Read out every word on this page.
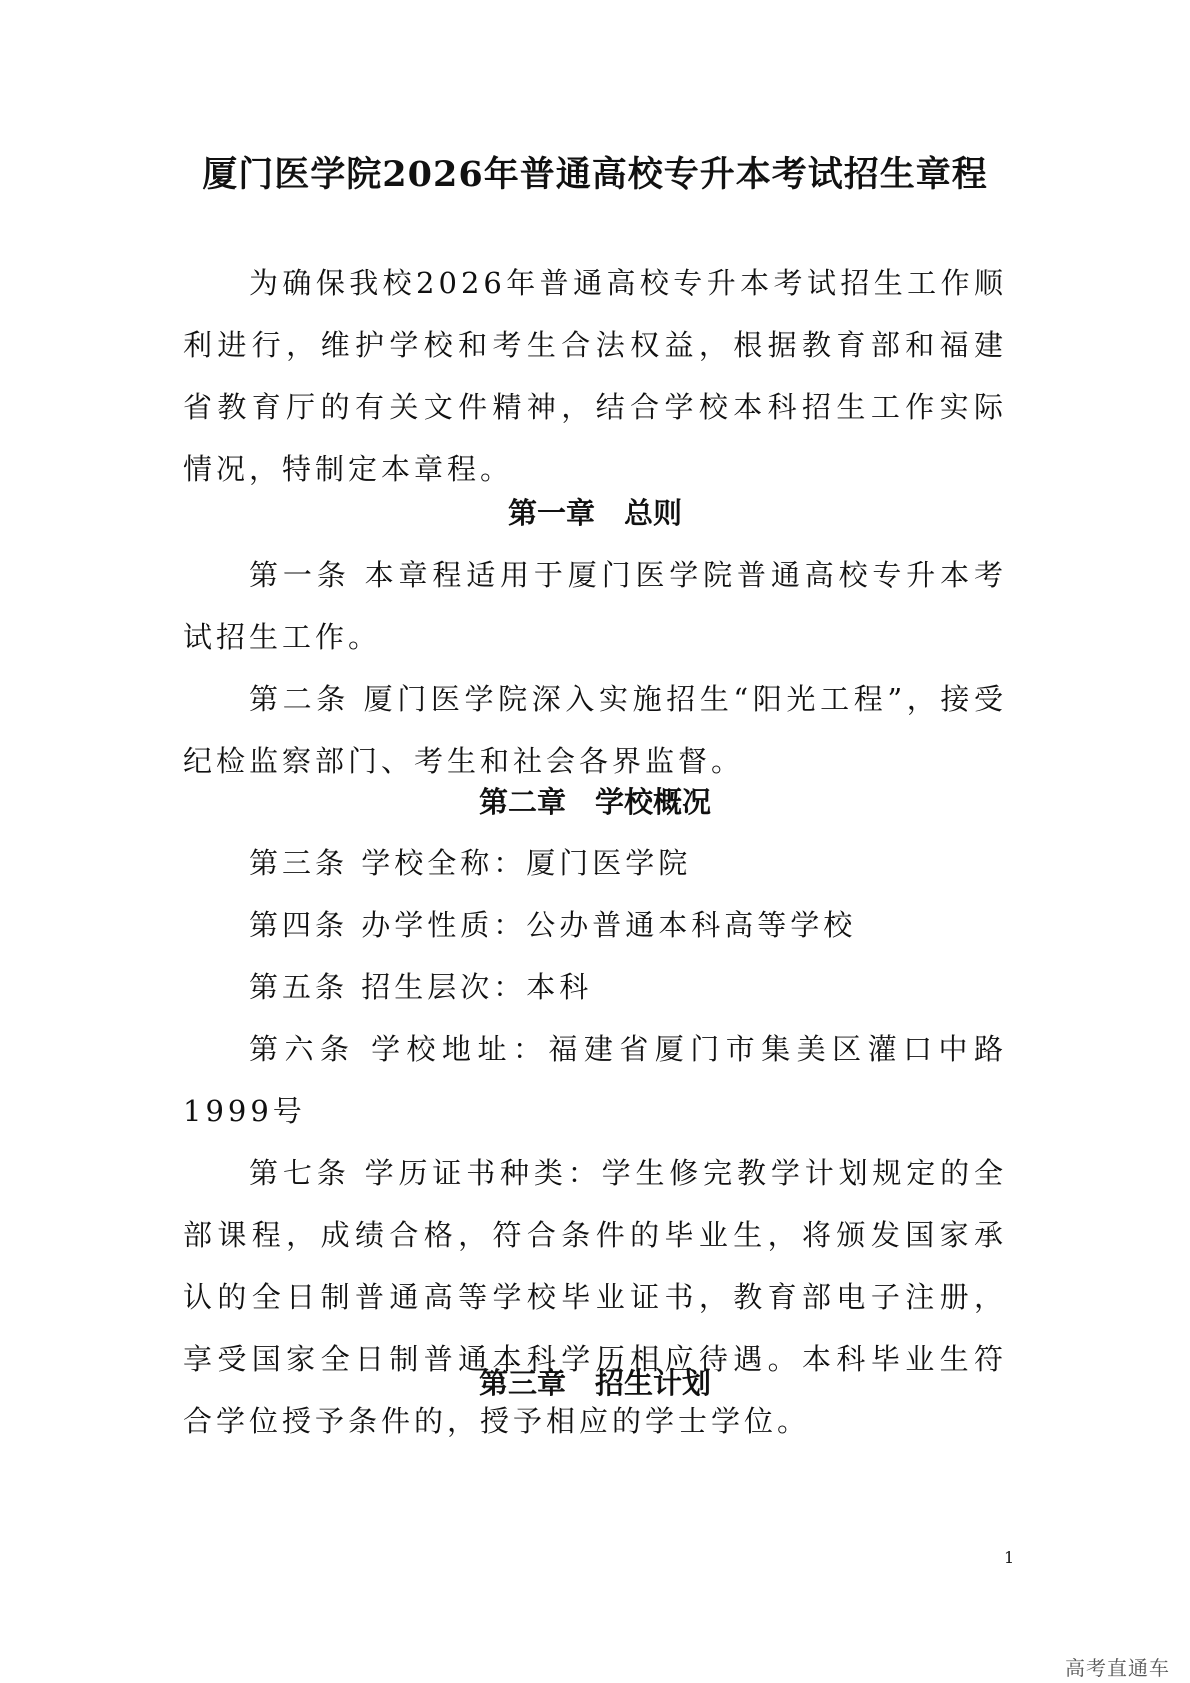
厦门医学院2026年普通高校专升本考试招生章程

为确保我校2026年普通高校专升本考试招生工作顺利进行，维护学校和考生合法权益，根据教育部和福建省教育厅的有关文件精神，结合学校本科招生工作实际情况，特制定本章程。

第一章　总则

第一条 本章程适用于厦门医学院普通高校专升本考试招生工作。

第二条 厦门医学院深入实施招生“阳光工程”，接受纪检监察部门、考生和社会各界监督。

第二章　学校概况

第三条 学校全称：厦门医学院

第四条 办学性质：公办普通本科高等学校

第五条 招生层次：本科

第六条 学校地址：福建省厦门市集美区灌口中路1999号

第七条 学历证书种类：学生修完教学计划规定的全部课程，成绩合格，符合条件的毕业生，将颁发国家承认的全日制普通高等学校毕业证书，教育部电子注册，享受国家全日制普通本科学历相应待遇。本科毕业生符合学位授予条件的，授予相应的学士学位。

第三章　招生计划
1
高考直通车
